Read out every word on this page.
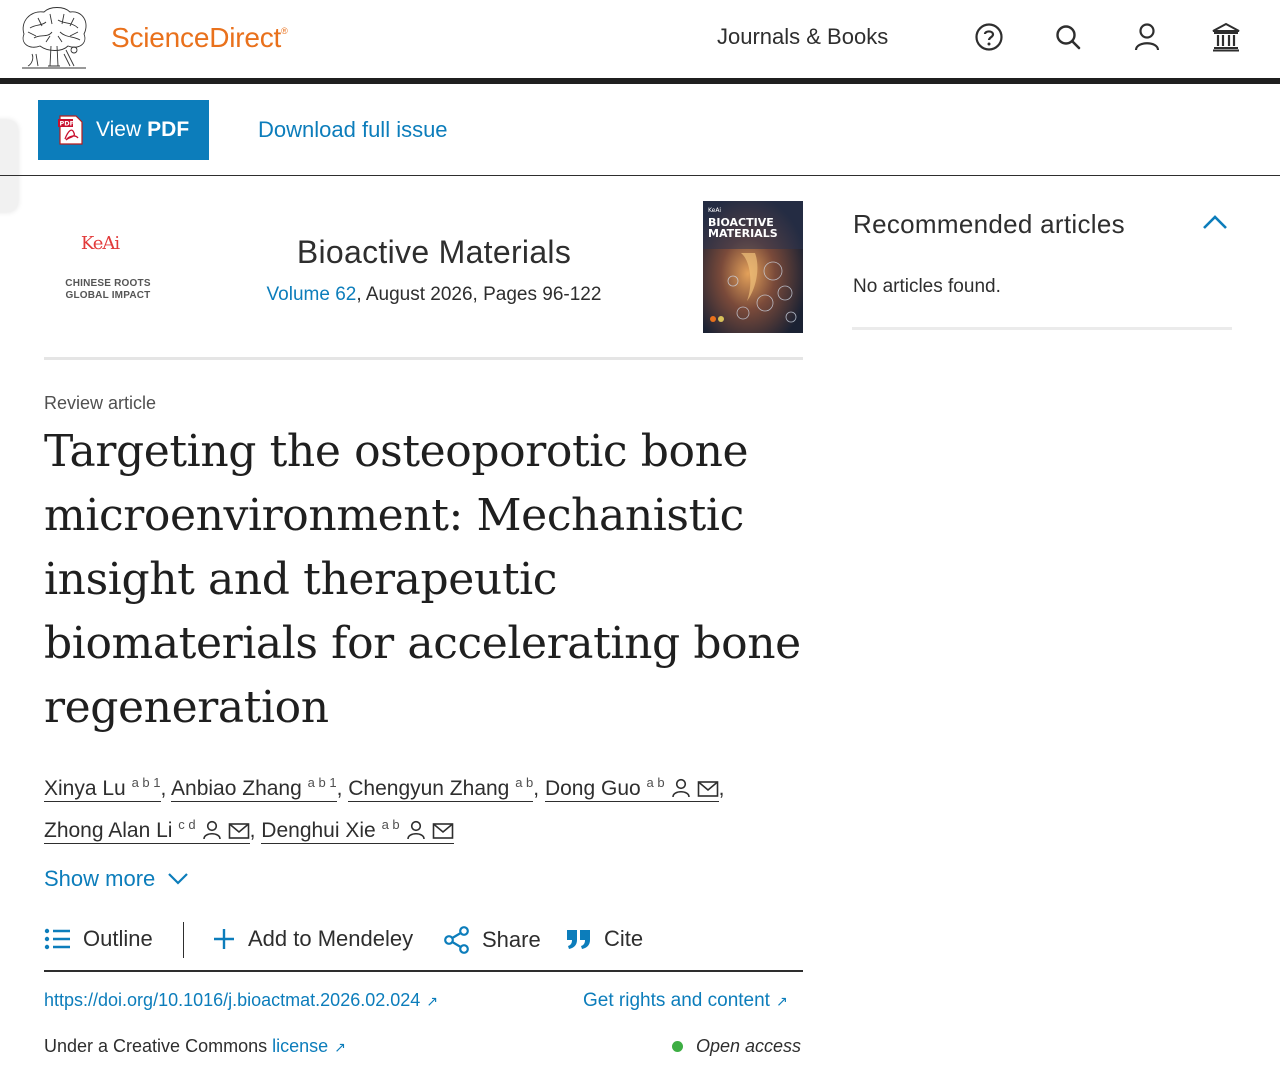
ScienceDirect®	Journals & Books
PDF View PDF	Download full issue
$^{KeAi}$
CHINESE ROOTS
GLOBAL IMPACT
Bioactive Materials
Volume 62, August 2026, Pages 96-122
KeAi
BIOACTIVE
MATERIALS
Review article
Targeting the osteoporotic bone microenvironment: Mechanistic insight and therapeutic biomaterials for accelerating bone regeneration
Xinya Lu $^{a b 1}$, Anbiao Zhang $^{a b 1}$, Chengyun Zhang $^{a b}$, Dong Guo $^{a b}$	,
Zhong Alan Li $^{c d}$	, Denghui Xie $^{a b}$
Show more
Outline	Add to Mendeley	Share	Cite
https://doi.org/10.1016/j.bioactmat.2026.02.024 ↗	Get rights and content ↗
Under a Creative Commons license ↗	Open access
Recommended articles
No articles found.
